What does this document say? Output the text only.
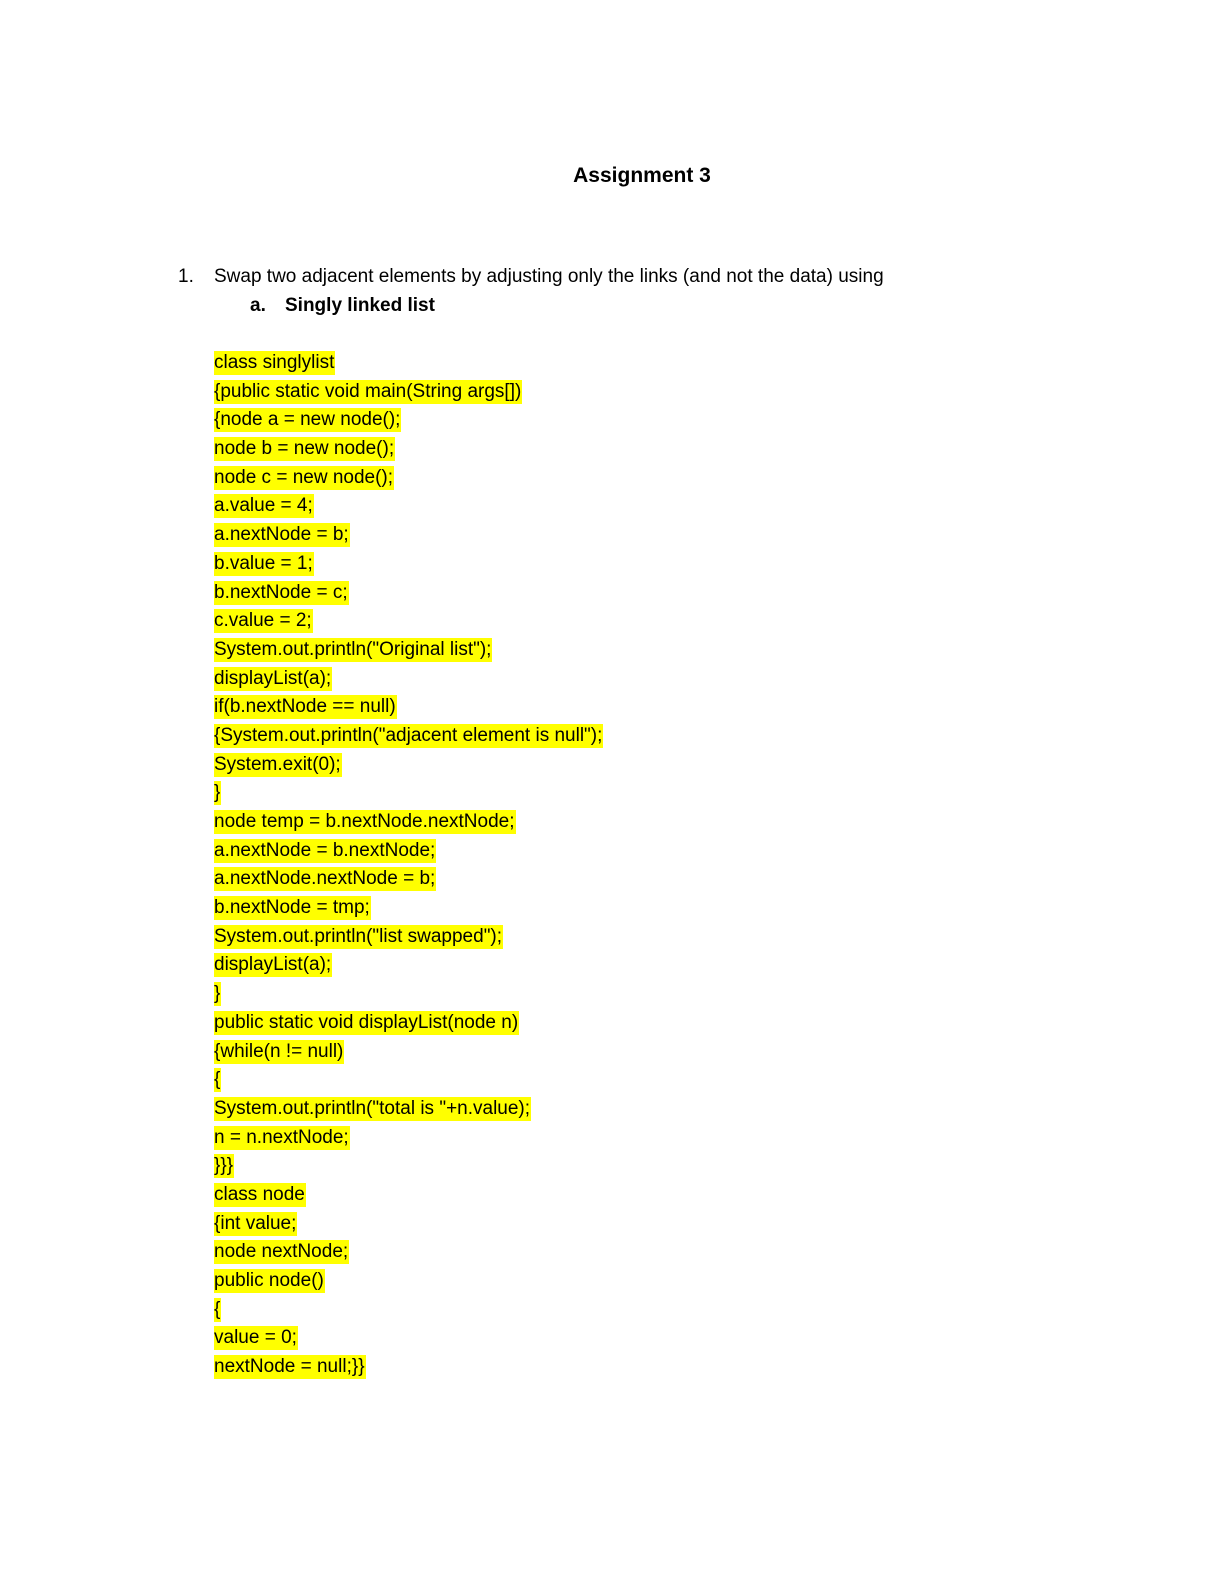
Assignment 3
1. Swap two adjacent elements by adjusting only the links (and not the data) using
a. Singly linked list
class singlylist
{public static void main(String args[])
{node a = new node();
node b = new node();
node c = new node();
a.value = 4;
a.nextNode = b;
b.value = 1;
b.nextNode = c;
c.value = 2;
System.out.println("Original list");
displayList(a);
if(b.nextNode == null)
{System.out.println("adjacent element is null");
System.exit(0);
}
node temp = b.nextNode.nextNode;
a.nextNode = b.nextNode;
a.nextNode.nextNode = b;
b.nextNode = tmp;
System.out.println("list swapped");
displayList(a);
}
public static void displayList(node n)
{while(n != null)
{
System.out.println("total is "+n.value);
n = n.nextNode;
}}}
class node
{int value;
node nextNode;
public node()
{
value = 0;
nextNode = null;}}
